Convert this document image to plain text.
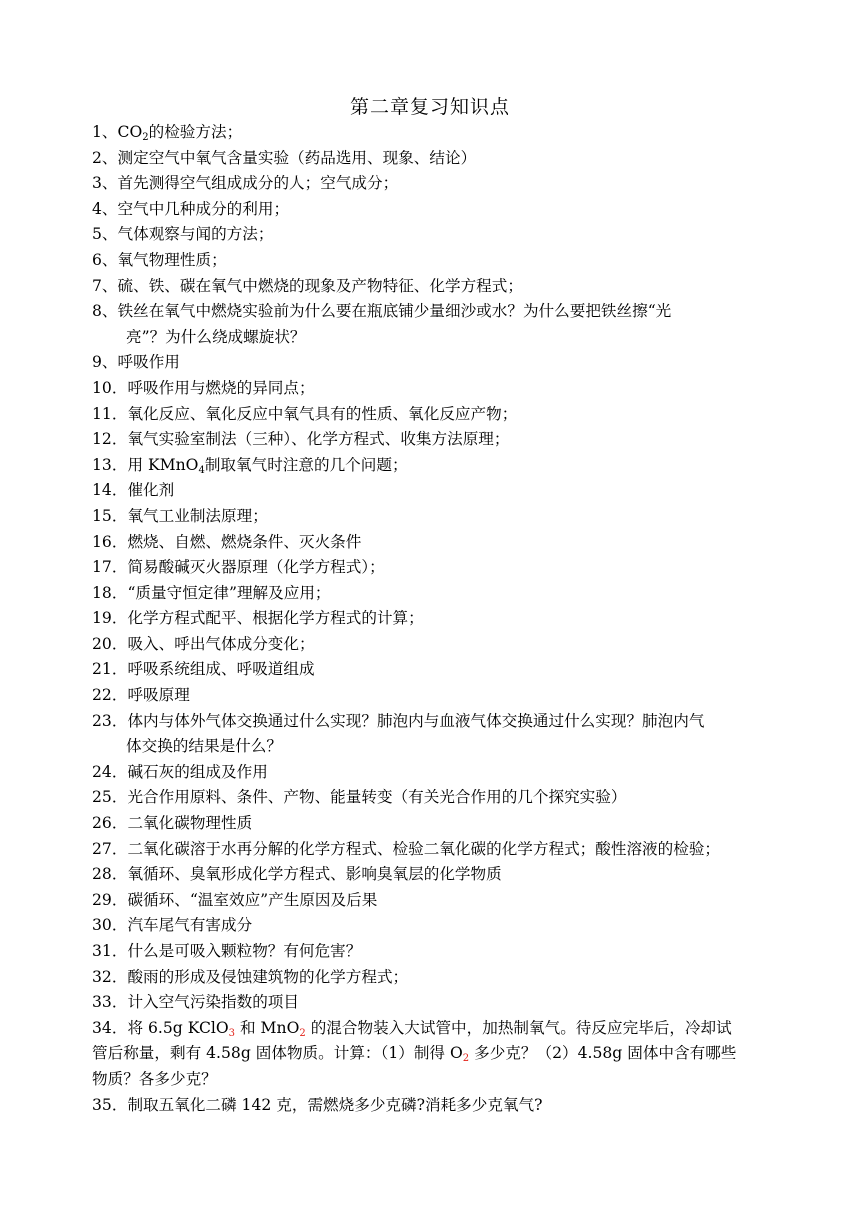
第二章复习知识点
1、$CO_2$的检验方法；
2、测定空气中氧气含量实验（药品选用、现象、结论）
3、首先测得空气组成成分的人；空气成分；
4、空气中几种成分的利用；
5、气体观察与闻的方法；
6、氧气物理性质；
7、硫、铁、碳在氧气中燃烧的现象及产物特征、化学方程式；
8、铁丝在氧气中燃烧实验前为什么要在瓶底铺少量细沙或水？为什么要把铁丝擦“光
亮”？为什么绕成螺旋状？
9、呼吸作用
10．呼吸作用与燃烧的异同点；
11．氧化反应、氧化反应中氧气具有的性质、氧化反应产物；
12．氧气实验室制法（三种）、化学方程式、收集方法原理；
13．用 KMnO$_4$制取氧气时注意的几个问题；
14．催化剂
15．氧气工业制法原理；
16．燃烧、自燃、燃烧条件、灭火条件
17．简易酸碱灭火器原理（化学方程式）；
18．“质量守恒定律”理解及应用；
19．化学方程式配平、根据化学方程式的计算；
20．吸入、呼出气体成分变化；
21．呼吸系统组成、呼吸道组成
22．呼吸原理
23．体内与体外气体交换通过什么实现？肺泡内与血液气体交换通过什么实现？肺泡内气
体交换的结果是什么？
24．碱石灰的组成及作用
25．光合作用原料、条件、产物、能量转变（有关光合作用的几个探究实验）
26．二氧化碳物理性质
27．二氧化碳溶于水再分解的化学方程式、检验二氧化碳的化学方程式；酸性溶液的检验；
28．氧循环、臭氧形成化学方程式、影响臭氧层的化学物质
29．碳循环、“温室效应”产生原因及后果
30．汽车尾气有害成分
31．什么是可吸入颗粒物？有何危害？
32．酸雨的形成及侵蚀建筑物的化学方程式；
33．计入空气污染指数的项目
34．将 6.5g KClO$_3$ 和 MnO$_2$ 的混合物装入大试管中，加热制氧气。待反应完毕后，冷却试
管后称量，剩有 4.58g 固体物质。计算：（1）制得 $O_2$ 多少克？（2）4.58g 固体中含有哪些
物质？各多少克？
35．制取五氧化二磷 142 克，需燃烧多少克磷?消耗多少克氧气?
